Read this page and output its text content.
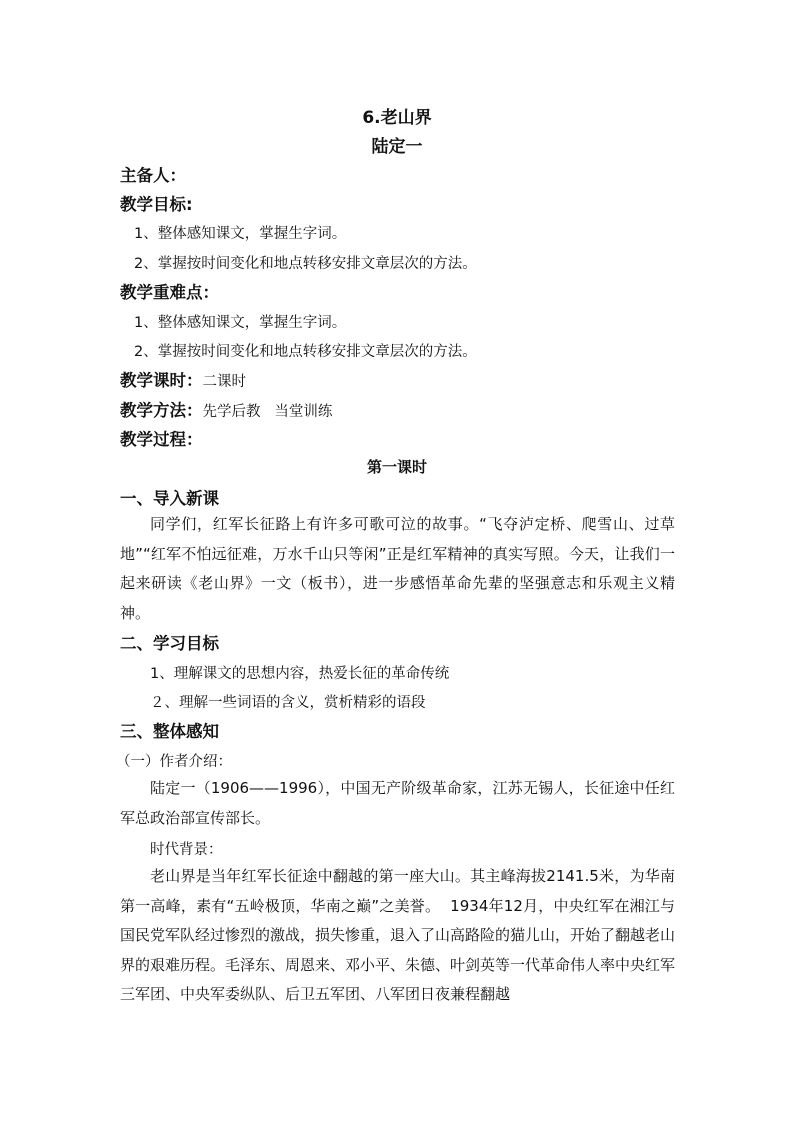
6.老山界
陆定一
主备人：
教学目标:
1、整体感知课文，掌握生字词。
2、掌握按时间变化和地点转移安排文章层次的方法。
教学重难点：
1、整体感知课文，掌握生字词。
2、掌握按时间变化和地点转移安排文章层次的方法。
教学课时：二课时
教学方法：先学后教   当堂训练
教学过程：
第一课时
一、导入新课
同学们，红军长征路上有许多可歌可泣的故事。“飞夺泸定桥、爬雪山、过草地”“红军不怕远征难，万水千山只等闲”正是红军精神的真实写照。今天，让我们一起来研读《老山界》一文（板书），进一步感悟革命先辈的坚强意志和乐观主义精神。
二、学习目标
1、理解课文的思想内容，热爱长征的革命传统
２、理解一些词语的含义，赏析精彩的语段
三、整体感知
（一）作者介绍：
陆定一（1906——1996），中国无产阶级革命家，江苏无锡人，长征途中任红军总政治部宣传部长。
时代背景：
老山界是当年红军长征途中翻越的第一座大山。其主峰海拔2141.5米，为华南第一高峰，素有“五岭极顶，华南之巅”之美誉。  1934年12月，中央红军在湘江与国民党军队经过惨烈的激战，损失惨重，退入了山高路险的猫儿山，开始了翻越老山界的艰难历程。毛泽东、周恩来、邓小平、朱德、叶剑英等一代革命伟人率中央红军三军团、中央军委纵队、后卫五军团、八军团日夜兼程翻越
